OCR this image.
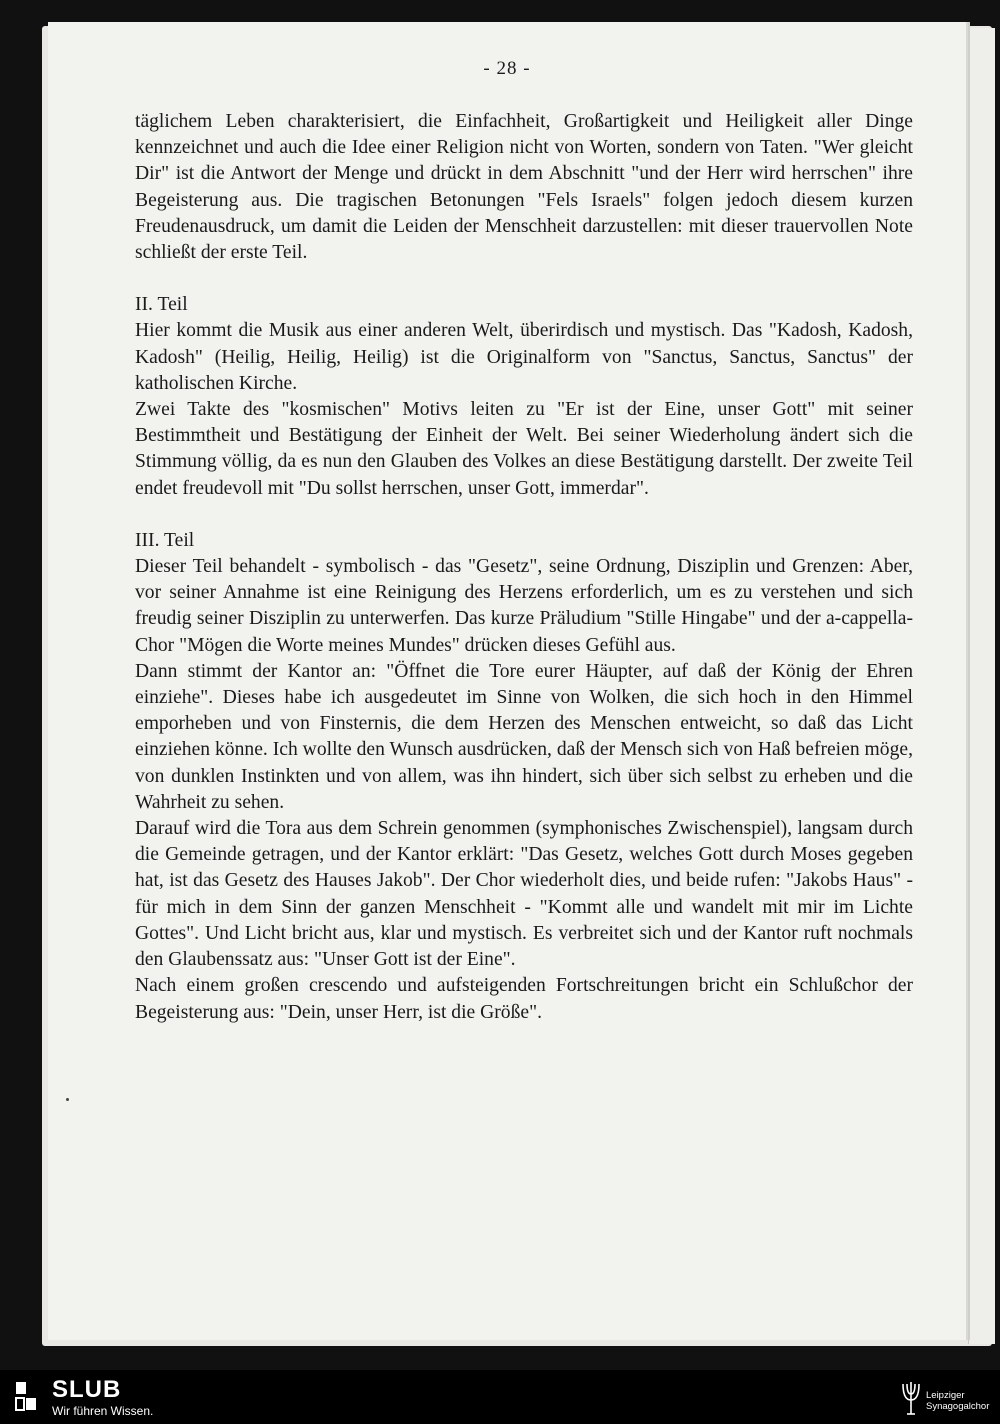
- 28 -

täglichem Leben charakterisiert, die Einfachheit, Großartigkeit und Heiligkeit aller Dinge kennzeichnet und auch die Idee einer Religion nicht von Worten, sondern von Taten. "Wer gleicht Dir" ist die Antwort der Menge und drückt in dem Abschnitt "und der Herr wird herrschen" ihre Begeisterung aus. Die tragischen Betonungen "Fels Israels" folgen jedoch diesem kurzen Freudenausdruck, um damit die Leiden der Menschheit darzustellen: mit dieser trauervollen Note schließt der erste Teil.

II. Teil

Hier kommt die Musik aus einer anderen Welt, überirdisch und mystisch. Das "Kadosh, Kadosh, Kadosh" (Heilig, Heilig, Heilig) ist die Originalform von "Sanctus, Sanctus, Sanctus" der katholischen Kirche.

Zwei Takte des "kosmischen" Motivs leiten zu "Er ist der Eine, unser Gott" mit seiner Bestimmtheit und Bestätigung der Einheit der Welt. Bei seiner Wiederholung ändert sich die Stimmung völlig, da es nun den Glauben des Volkes an diese Bestätigung darstellt. Der zweite Teil endet freudevoll mit "Du sollst herrschen, unser Gott, immerdar".

III. Teil

Dieser Teil behandelt - symbolisch - das "Gesetz", seine Ordnung, Disziplin und Grenzen: Aber, vor seiner Annahme ist eine Reinigung des Herzens erforderlich, um es zu verstehen und sich freudig seiner Disziplin zu unterwerfen. Das kurze Präludium "Stille Hingabe" und der a-cappella-Chor "Mögen die Worte meines Mundes" drücken dieses Gefühl aus.

Dann stimmt der Kantor an: "Öffnet die Tore eurer Häupter, auf daß der König der Ehren einziehe". Dieses habe ich ausgedeutet im Sinne von Wolken, die sich hoch in den Himmel emporheben und von Finsternis, die dem Herzen des Menschen entweicht, so daß das Licht einziehen könne. Ich wollte den Wunsch ausdrücken, daß der Mensch sich von Haß befreien möge, von dunklen Instinkten und von allem, was ihn hindert, sich über sich selbst zu erheben und die Wahrheit zu sehen.

Darauf wird die Tora aus dem Schrein genommen (symphonisches Zwischenspiel), langsam durch die Gemeinde getragen, und der Kantor erklärt: "Das Gesetz, welches Gott durch Moses gegeben hat, ist das Gesetz des Hauses Jakob". Der Chor wiederholt dies, und beide rufen: "Jakobs Haus" - für mich in dem Sinn der ganzen Menschheit - "Kommt alle und wandelt mit mir im Lichte Gottes". Und Licht bricht aus, klar und mystisch. Es verbreitet sich und der Kantor ruft nochmals den Glaubenssatz aus: "Unser Gott ist der Eine".

Nach einem großen crescendo und aufsteigenden Fortschreitungen bricht ein Schlußchor der Begeisterung aus: "Dein, unser Herr, ist die Größe".

SLUB
Wir führen Wissen.
Leipziger
Synagogalchor
